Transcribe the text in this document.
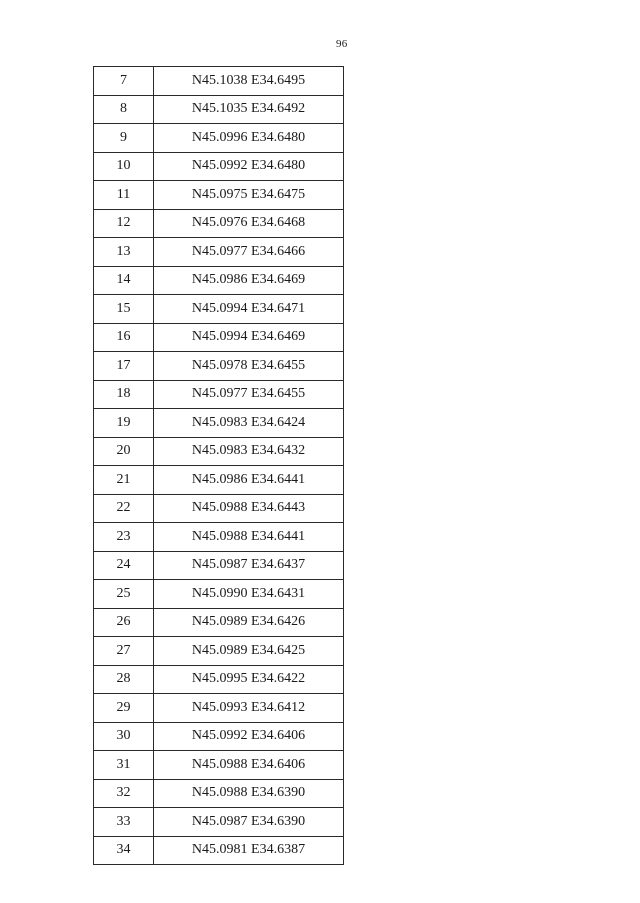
96
7	N45.1038 E34.6495
8	N45.1035 E34.6492
9	N45.0996 E34.6480
10	N45.0992 E34.6480
11	N45.0975 E34.6475
12	N45.0976 E34.6468
13	N45.0977 E34.6466
14	N45.0986 E34.6469
15	N45.0994 E34.6471
16	N45.0994 E34.6469
17	N45.0978 E34.6455
18	N45.0977 E34.6455
19	N45.0983 E34.6424
20	N45.0983 E34.6432
21	N45.0986 E34.6441
22	N45.0988 E34.6443
23	N45.0988 E34.6441
24	N45.0987 E34.6437
25	N45.0990 E34.6431
26	N45.0989 E34.6426
27	N45.0989 E34.6425
28	N45.0995 E34.6422
29	N45.0993 E34.6412
30	N45.0992 E34.6406
31	N45.0988 E34.6406
32	N45.0988 E34.6390
33	N45.0987 E34.6390
34	N45.0981 E34.6387
